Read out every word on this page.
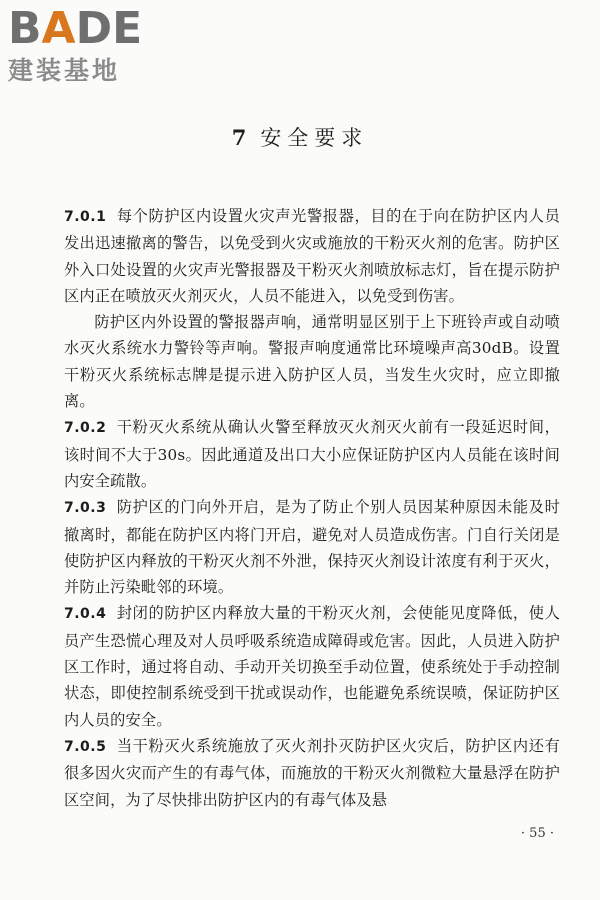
B A DE
建装基地
7 安全要求

7.0.1 每个防护区内设置火灾声光警报器，目的在于向在防护区内人员发出迅速撤离的警告，以免受到火灾或施放的干粉灭火剂的危害。防护区外入口处设置的火灾声光警报器及干粉灭火剂喷放标志灯，旨在提示防护区内正在喷放灭火剂灭火，人员不能进入，以免受到伤害。

防护区内外设置的警报器声响，通常明显区别于上下班铃声或自动喷水灭火系统水力警铃等声响。警报声响度通常比环境噪声高30dB。设置干粉灭火系统标志牌是提示进入防护区人员，当发生火灾时，应立即撤离。

7.0.2 干粉灭火系统从确认火警至释放灭火剂灭火前有一段延迟时间，该时间不大于30s。因此通道及出口大小应保证防护区内人员能在该时间内安全疏散。

7.0.3 防护区的门向外开启，是为了防止个别人员因某种原因未能及时撤离时，都能在防护区内将门开启，避免对人员造成伤害。门自行关闭是使防护区内释放的干粉灭火剂不外泄，保持灭火剂设计浓度有利于灭火，并防止污染毗邻的环境。

7.0.4 封闭的防护区内释放大量的干粉灭火剂，会使能见度降低，使人员产生恐慌心理及对人员呼吸系统造成障碍或危害。因此，人员进入防护区工作时，通过将自动、手动开关切换至手动位置，使系统处于手动控制状态，即使控制系统受到干扰或误动作，也能避免系统误喷，保证防护区内人员的安全。

7.0.5 当干粉灭火系统施放了灭火剂扑灭防护区火灾后，防护区内还有很多因火灾而产生的有毒气体，而施放的干粉灭火剂微粒大量悬浮在防护区空间，为了尽快排出防护区内的有毒气体及悬

· 55 ·
